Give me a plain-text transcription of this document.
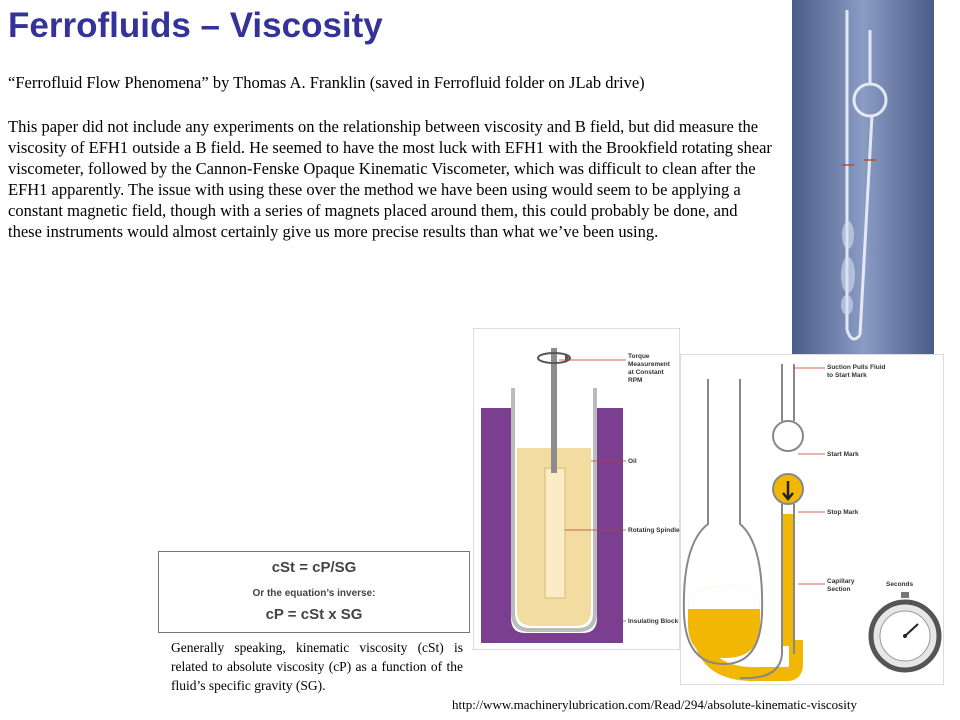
Ferrofluids – Viscosity

“Ferrofluid Flow Phenomena” by Thomas A. Franklin (saved in Ferrofluid folder on JLab drive)

This paper did not include any experiments on the relationship between viscosity and B field, but did measure the viscosity of EFH1 outside a B field. He seemed to have the most luck with EFH1 with the Brookfield rotating shear viscometer, followed by the Cannon-Fenske Opaque Kinematic Viscometer, which was difficult to clean after the EFH1 apparently. The issue with using these over the method we have been using would seem to be applying a constant magnetic field, though with a series of magnets placed around them, this could probably be done, and these instruments would almost certainly give us more precise results than what we’ve been using.

Torque
Measurement
at Constant
RPM
Oil
Rotating Spindle
Insulating Block
Suction Pulls Fluid
to Start Mark
Start Mark
Stop Mark
Capillary
Section
Seconds

cSt = cP/SG

Or the equation’s inverse:

cP = cSt x SG

Generally speaking, kinematic viscosity (cSt) is related to absolute viscosity (cP) as a function of the fluid’s specific gravity (SG).

http://www.machinerylubrication.com/Read/294/absolute-kinematic-viscosity
